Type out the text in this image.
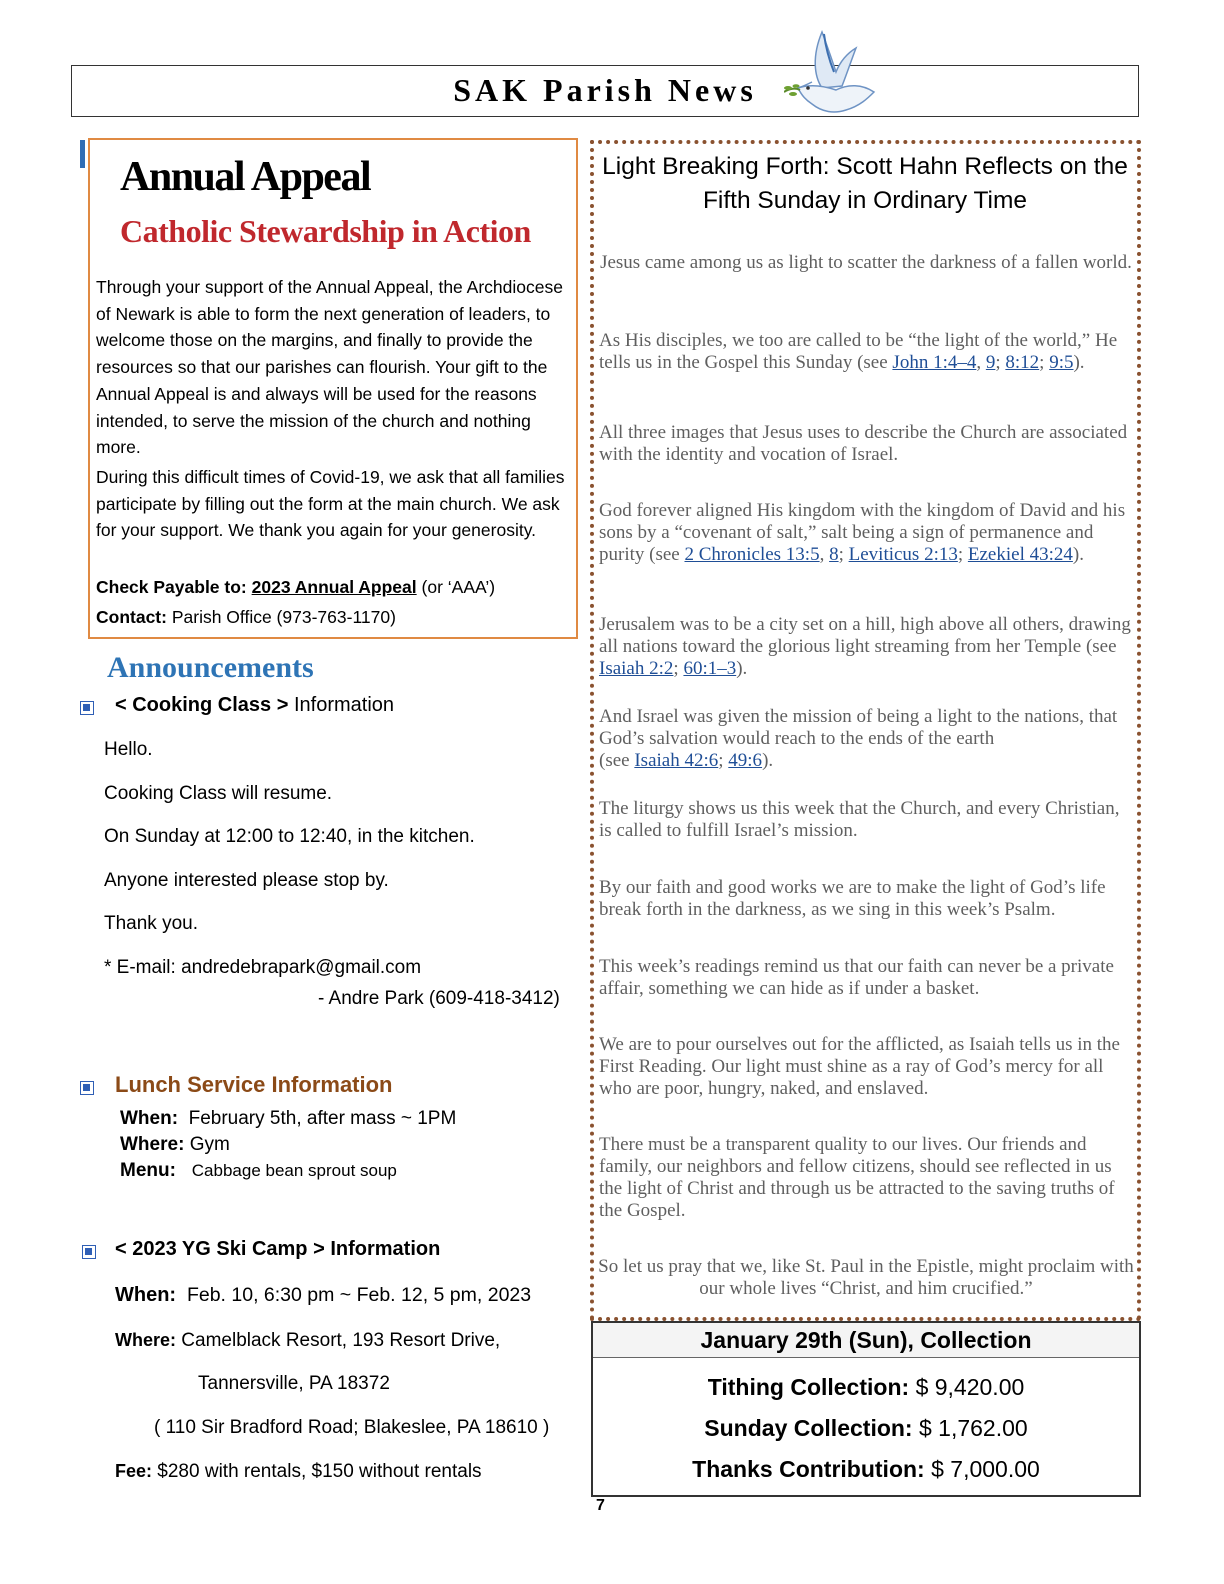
SAK Parish News
Annual Appeal
Catholic Stewardship in Action

Through your support of the Annual Appeal, the Archdiocese of Newark is able to form the next generation of leaders, to welcome those on the margins, and finally to provide the resources so that our parishes can flourish. Your gift to the Annual Appeal is and always will be used for the reasons intended, to serve the mission of the church and nothing more.

During this difficult times of Covid-19, we ask that all families participate by filling out the form at the main church. We ask for your support. We thank you again for your generosity.

Check Payable to: 2023 Annual Appeal (or ‘AAA’)
Contact: Parish Office (973-763-1170)
Announcements
< Cooking Class > Information
Hello.
Cooking Class will resume.
On Sunday at 12:00 to 12:40, in the kitchen.
Anyone interested please stop by.
Thank you.
* E-mail: andredebrapark@gmail.com
- Andre Park (609-418-3412)
Lunch Service Information
When: February 5th, after mass ~ 1PM
Where: Gym
Menu: Cabbage bean sprout soup
< 2023 YG Ski Camp > Information
When: Feb. 10, 6:30 pm ~ Feb. 12, 5 pm, 2023
Where: Camelblack Resort, 193 Resort Drive,
Tannersville, PA 18372
( 110 Sir Bradford Road; Blakeslee, PA 18610 )
Fee: $280 with rentals, $150 without rentals
Light Breaking Forth: Scott Hahn Reflects on the Fifth Sunday in Ordinary Time

Jesus came among us as light to scatter the darkness of a fallen world.

As His disciples, we too are called to be “the light of the world,” He tells us in the Gospel this Sunday (see John 1:4–4, 9; 8:12; 9:5).

All three images that Jesus uses to describe the Church are associated with the identity and vocation of Israel.

God forever aligned His kingdom with the kingdom of David and his sons by a “covenant of salt,” salt being a sign of permanence and purity (see 2 Chronicles 13:5, 8; Leviticus 2:13; Ezekiel 43:24).

Jerusalem was to be a city set on a hill, high above all others, drawing all nations toward the glorious light streaming from her Temple (see Isaiah 2:2; 60:1–3).

And Israel was given the mission of being a light to the nations, that God’s salvation would reach to the ends of the earth
(see Isaiah 42:6; 49:6).

The liturgy shows us this week that the Church, and every Christian, is called to fulfill Israel’s mission.

By our faith and good works we are to make the light of God’s life break forth in the darkness, as we sing in this week’s Psalm.

This week’s readings remind us that our faith can never be a private affair, something we can hide as if under a basket.

We are to pour ourselves out for the afflicted, as Isaiah tells us in the First Reading. Our light must shine as a ray of God’s mercy for all who are poor, hungry, naked, and enslaved.

There must be a transparent quality to our lives. Our friends and family, our neighbors and fellow citizens, should see reflected in us the light of Christ and through us be attracted to the saving truths of the Gospel.

So let us pray that we, like St. Paul in the Epistle, might proclaim with our whole lives “Christ, and him crucified.”

January 29th (Sun), Collection
Tithing Collection: $ 9,420.00
Sunday Collection: $ 1,762.00
Thanks Contribution: $ 7,000.00
7
